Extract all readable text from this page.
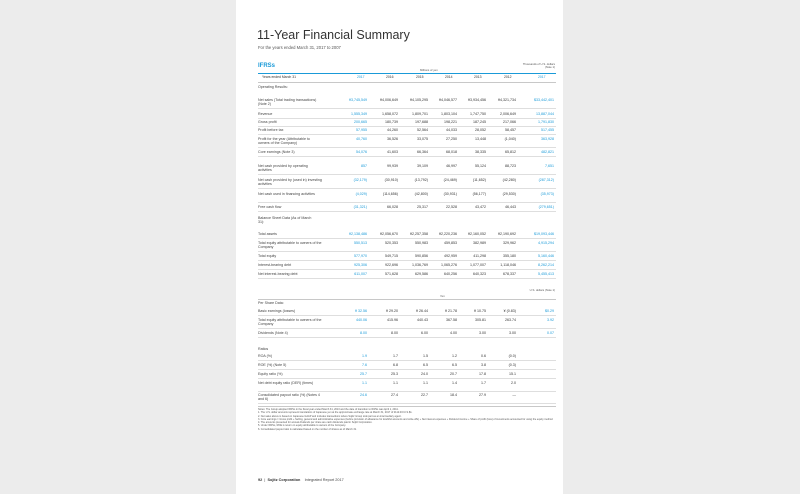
11-Year Financial Summary
For the years ended March 31, 2017 to 2007
IFRSs
Millions of yen
Thousands of U.S. dollars (Note 1)
Years ended March 31	2017	2016	2015	2014	2013	2012	2017
Operating Results:
Balance Sheet Data (As of March 31):
Yen
U.S. dollars (Note 1)
Per Share Data:
Ratios
Net sales (Total trading transactions) (Note 2)
¥3,745,549	¥4,006,649	¥4,105,295	¥4,046,577	¥3,934,456	¥4,321,734	$33,442,401
Revenue	1,555,349	1,658,072	1,809,701	1,803,104	1,747,750	2,006,649	13,887,044
Gross profit	200,665	180,739	197,688	198,221	187,245	217,066	1,791,830
Profit before tax	57,955	44,260	52,564	44,033	28,052	58,457	517,455
Profit for the year (Attributable to owners of the Company)
40,760	36,526	33,075	27,250	13,448	(1,040)	363,928
Core earnings (Note 3)	54,076	41,603	66,364	68,018	38,335	65,812	482,821
Net cash provided by operating activities
857	99,939	39,109	46,997	55,124	88,723	7,651
Net cash provided by (used in) investing activities
(32,179)	(30,910)	(13,792)	(24,469)	(11,652)	(42,280)	(287,312)
Net cash used in financing activities	(4,029)	(114,656)	(42,800)	(30,931)	(56,177)	(29,530)	(35,973)
Free cash flow	(31,321)	66,028	25,317	22,528	43,472	46,443	(279,651)
Total assets	¥2,138,486	¥2,056,670	¥2,257,358	¥2,220,236	¥2,160,052	¥2,190,692	$19,093,446
Total equity attributable to owners of the Company
550,513	520,353	550,983	459,853	382,989	329,962	4,915,294
Total equity	577,970	549,715	590,856	492,959	411,298	355,180	5,160,446
Interest-bearing debt	925,306	922,696	1,036,769	1,065,276	1,077,007	1,118,046	8,262,214
Net interest-bearing debt	611,007	571,628	629,586	640,256	640,323	678,337	5,455,413
Basic earnings (losses)	¥ 32.56	¥ 29.20	¥ 26.44	¥ 21.78	¥ 10.75	¥ (0.83)	$0.29
Total equity attributable to owners of the Company
440.06	415.96	440.43	367.58	305.81	263.74	3.92
Dividends (Note 4)	8.00	8.00	6.00	4.00	3.00	3.00	0.07
ROA (%)	1.9	1.7	1.5	1.2	0.6	(0.0)
ROE (%) (Note 5)	7.6	6.8	6.5	6.5	3.8	(0.3)
Equity ratio (%)	25.7	25.3	24.0	20.7	17.8	15.1
Net debt equity ratio (DER) (times)	1.1	1.1	1.1	1.4	1.7	2.0
Consolidated payout ratio (%) (Notes 4 and 6)
24.6	27.4	22.7	18.4	27.9	—
Notes: The Group adopted IFRSs in the fiscal year ended March 31, 2013 and the date of transition to IFRSs was April 1, 2011.
1. The U.S. dollar amounts represent translations of Japanese yen at the approximate exchange rate at March 31, 2017 of ¥112.00=U.S.$1.
2. Net sales above is based on Japanese GAAP and includes transactions where Sojitz Group took part as an intermediary agent.
3. Core earnings = Gross profit + Selling, general and administrative expenses (before provision of allowance for doubtful accounts and write-offs) + Net interest expenses + Dividend income + Share of profit (loss) of investments accounted for using the equity method
4. The amounts presented for annual dividends per share are cash dividends paid in Sojitz Corporation.
5. Under IFRSs, ROE is return on equity attributable to owners of the Company.
6. Consolidated payout ratio is calculated based on the number of shares as of March 31.
92  |  Sojitz Corporation Integrated Report 2017
